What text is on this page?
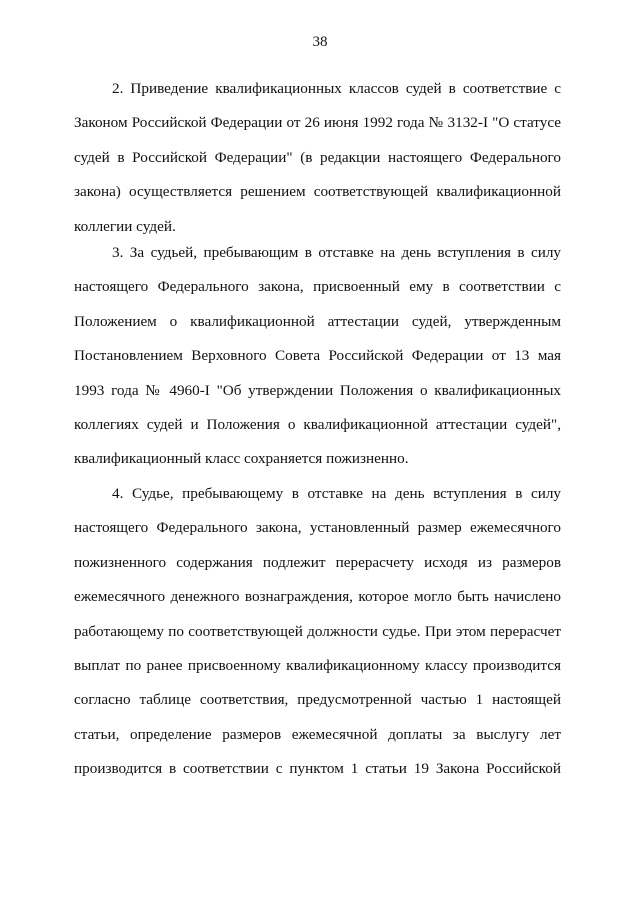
38
2. Приведение квалификационных классов судей в соответствие с
Законом Российской Федерации от 26 июня 1992 года № 3132-I "О статусе
судей в Российской Федерации" (в редакции настоящего Федерального
закона) осуществляется решением соответствующей квалификационной
коллегии судей.
3. За судьей, пребывающим в отставке на день вступления в силу
настоящего Федерального закона, присвоенный ему в соответствии с
Положением о квалификационной аттестации судей, утвержденным
Постановлением Верховного Совета Российской Федерации от 13 мая
1993 года № 4960-I "Об утверждении Положения о квалификационных
коллегиях судей и Положения о квалификационной аттестации судей",
квалификационный класс сохраняется пожизненно.
4. Судье, пребывающему в отставке на день вступления в силу
настоящего Федерального закона, установленный размер ежемесячного
пожизненного содержания подлежит перерасчету исходя из размеров
ежемесячного денежного вознаграждения, которое могло быть начислено
работающему по соответствующей должности судье. При этом перерасчет
выплат по ранее присвоенному квалификационному классу производится
согласно таблице соответствия, предусмотренной частью 1 настоящей
статьи, определение размеров ежемесячной доплаты за выслугу лет
производится в соответствии с пунктом 1 статьи 19 Закона Российской
